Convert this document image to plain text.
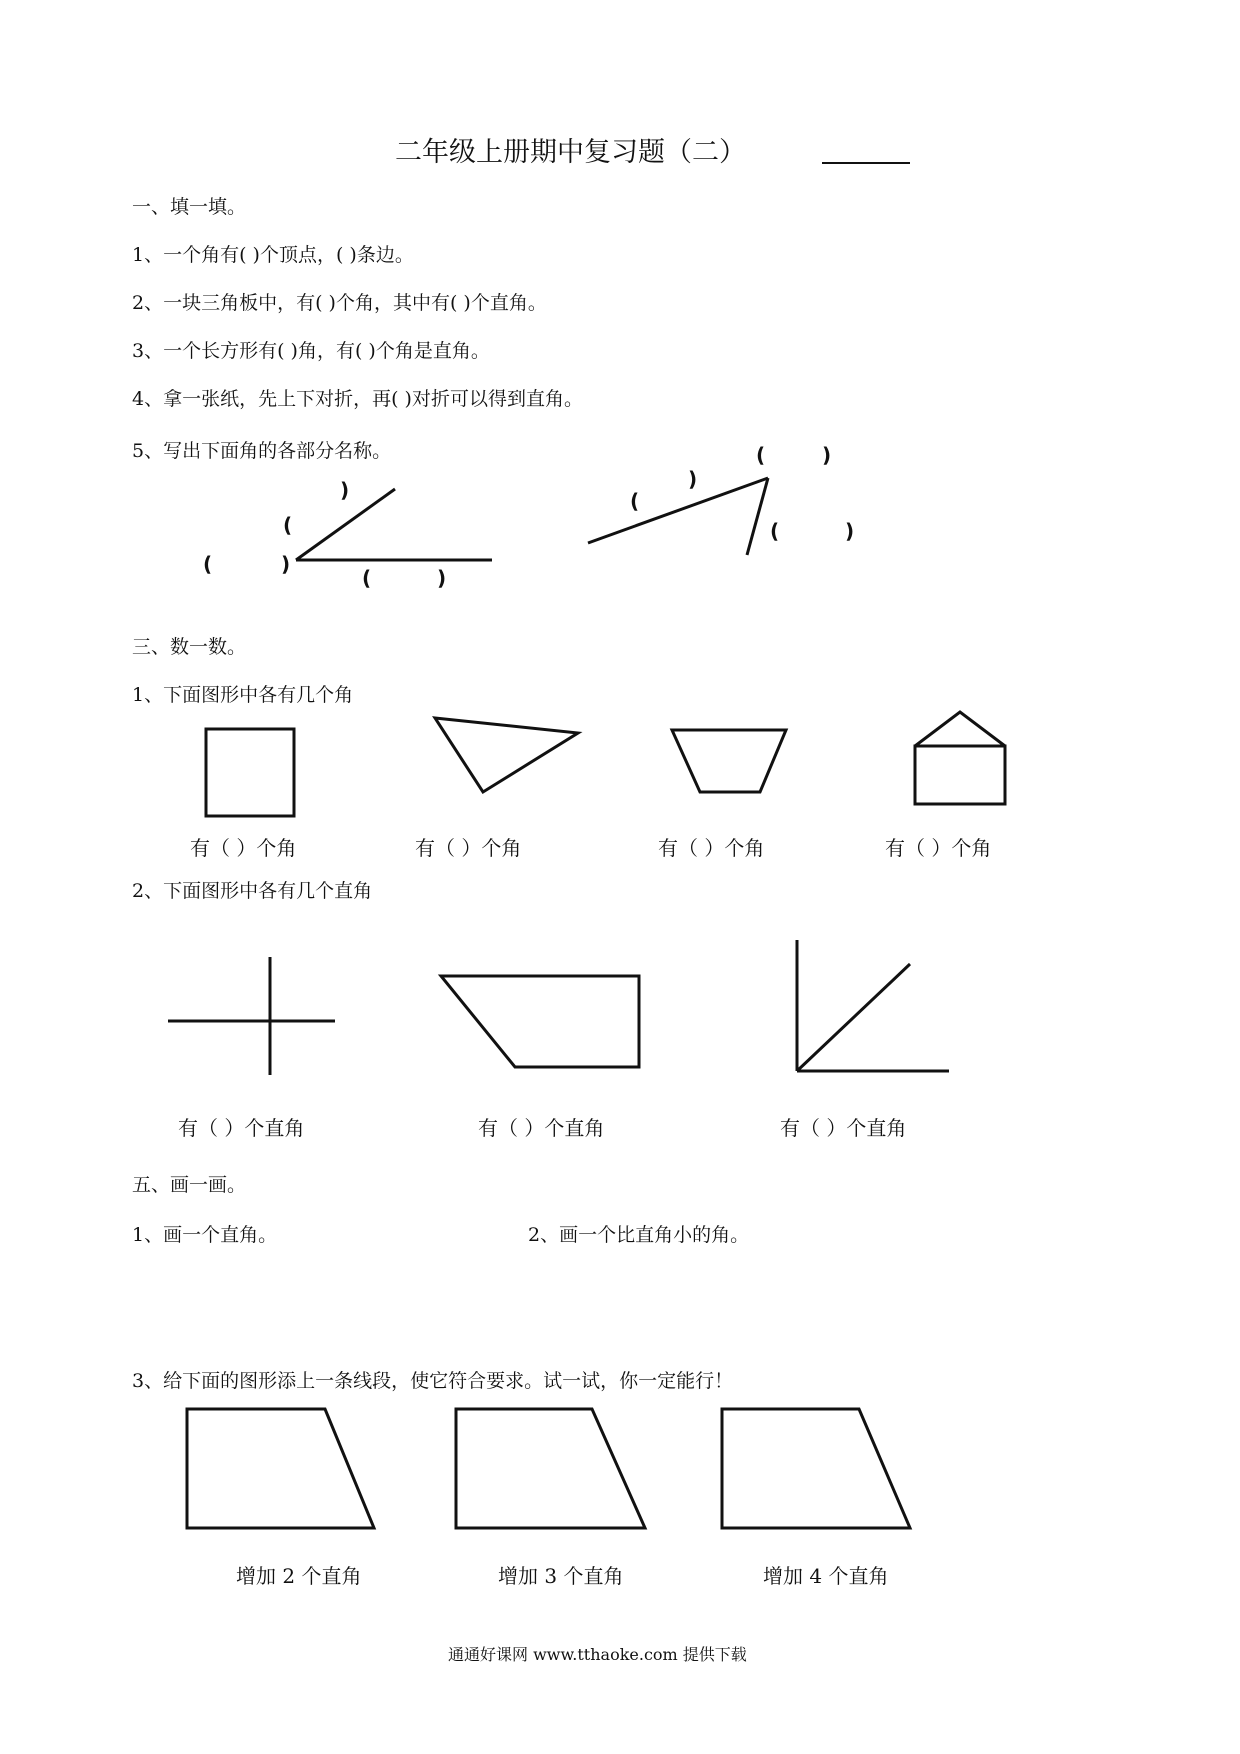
二年级上册期中复习题（二）
一、填一填。
1、一个角有( )个顶点，( )条边。
2、一块三角板中，有( )个角，其中有( )个直角。
3、一个长方形有( )角，有( )个角是直角。
4、拿一张纸，先上下对折，再( )对折可以得到直角。
5、写出下面角的各部分名称。
三、数一数。
1、下面图形中各有几个角
有（ ）个角	有（ ）个角	有（ ）个角	有（ ）个角
2、下面图形中各有几个直角
有（ ）个直角	有（ ）个直角	有（ ）个直角
五、画一画。
1、画一个直角。	2、画一个比直角小的角。
3、给下面的图形添上一条线段，使它符合要求。试一试，你一定能行！
增加 2 个直角	增加 3 个直角	增加 4 个直角
通通好课网 www.tthaoke.com 提供下载
)
(
(	)
(	)
(
)
(	)
(	)
